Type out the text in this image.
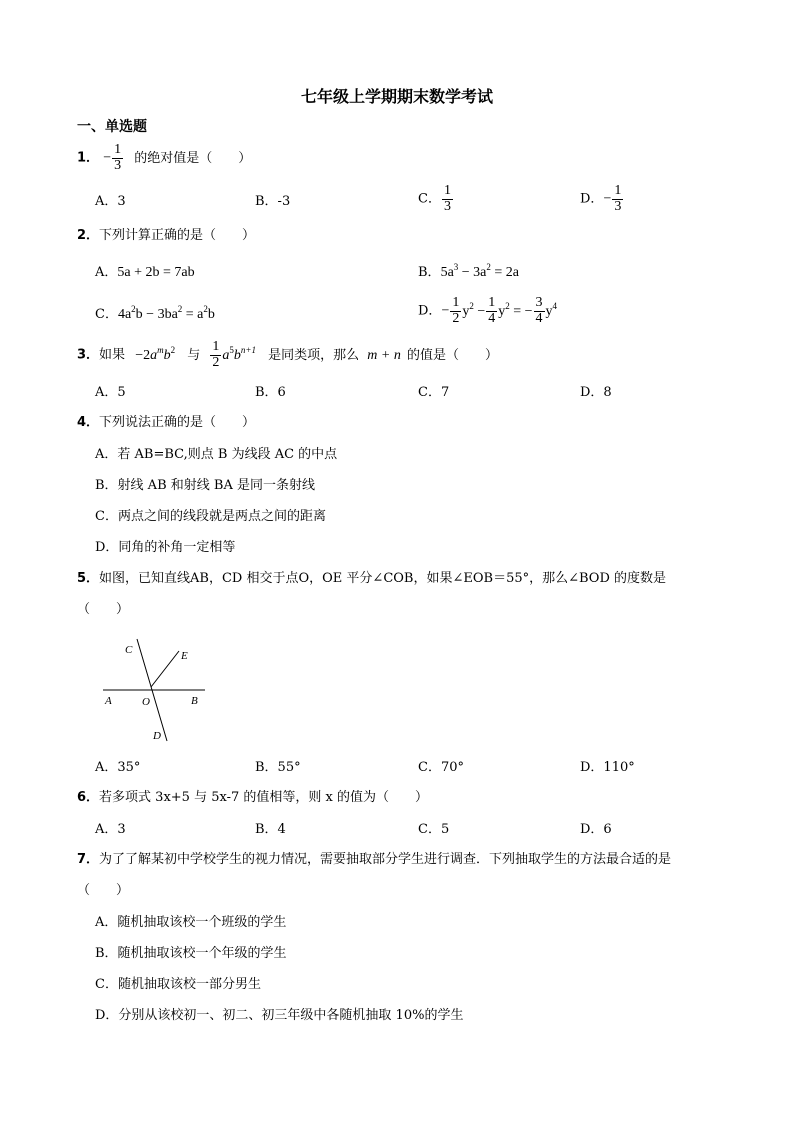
七年级上学期期末数学考试
一、单选题
1． − $\frac{1}{3}$ 的绝对值是（　　）
A．3	B．-3	C． $\frac{1}{3}$	D．− $\frac{1}{3}$
2．下列计算正确的是（　　）
A．5a + 2b = 7ab	B．$5a^3 - 3a^2 = 2a$
C．$4a^2b - 3ba^2 = a^2b$	D．− $\frac{1}{2} y^2 - \frac{1}{4} y^2$ = − $\frac{3}{4} y^4$
3．如果 $-2a^mb^2$ 与 $\frac{1}{2} a^5b^{n+1}$ 是同类项，那么 m + n 的值是（　　）
A．5	B．6	C．7	D．8
4．下列说法正确的是（　　）
A．若 AB=BC,则点 B 为线段 AC 的中点
B．射线 AB 和射线 BA 是同一条射线
C．两点之间的线段就是两点之间的距离
D．同角的补角一定相等
5．如图，已知直线AB，CD 相交于点O，OE 平分∠COB，如果∠EOB＝55°，那么∠BOD 的度数是
（　　）
C	E
A	O	B
D
A．35°	B．55°	C．70°	D．110°
6．若多项式 3x+5 与 5x-7 的值相等，则 x 的值为（　　）
A．3	B．4	C．5	D．6
7．为了了解某初中学校学生的视力情况，需要抽取部分学生进行调查．下列抽取学生的方法最合适的是
（　　）
A．随机抽取该校一个班级的学生
B．随机抽取该校一个年级的学生
C．随机抽取该校一部分男生
D．分别从该校初一、初二、初三年级中各随机抽取 10%的学生
